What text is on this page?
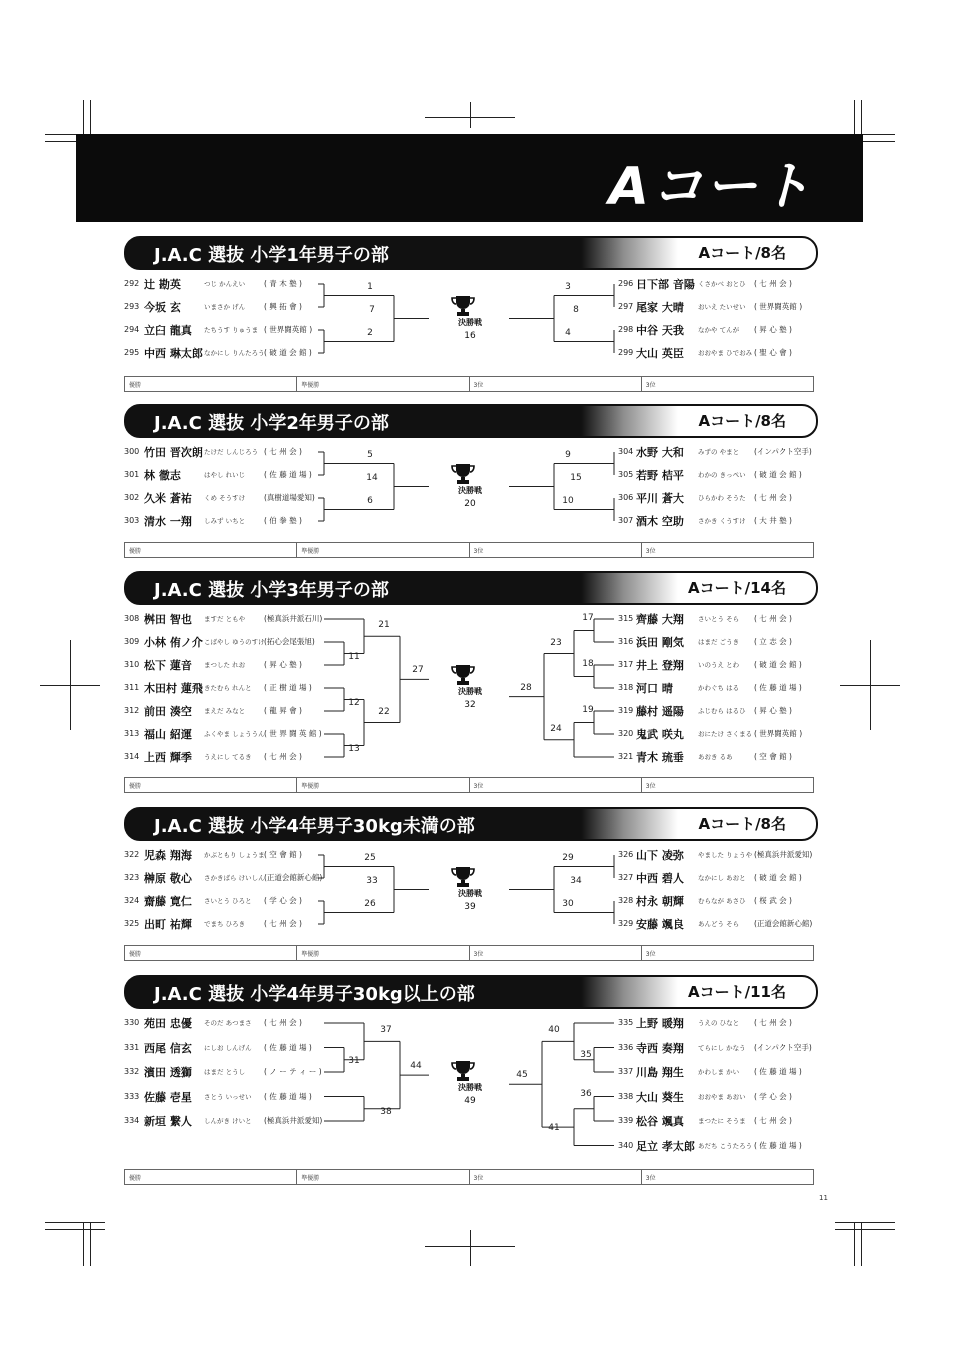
Aコート
J.A.C 選抜 小学1年男子の部	Aコート/8名
292 辻 勘英	つじ かんえい	( 青 木 塾 )
293 今坂 玄	いまさか げん	( 興 拓 會 )
294 立臼 龍真 たちうす りゅうま ( 世界闘英館 )
295 中西 琳太郎 なかにし りんたろう ( 破 道 会 館 )
296 日下部 音陽 くさかべ おとひ ( 七 州 会 )
297 尾家 大晴 おいえ たいせい ( 世界闘英館 )
298 中谷 天我 なかや てんが ( 昇 心 塾 )
299 大山 英臣 おおやま ひでおみ ( 聖 心 會 )
1	3
2	4
7	8
決勝戦
16
優勝	準優勝	3位	3位
J.A.C 選抜 小学2年男子の部	Aコート/8名
300 竹田 晋次朗 たけだ しんじろう ( 七 州 会 )
301 林 徹志	はやし れいじ	( 佐 藤 道 場 )
302 久米 蒼祐 くめ そうすけ	(真樹道場愛知)
303 清水 一翔 しみず いちと	( 伯 拳 塾 )
304 水野 大和 みずの やまと (インパクト空手)
305 若野 桔平 わかの きっぺい ( 破 道 会 館 )
306 平川 蒼大 ひらかわ そうた ( 七 州 会 )
307 酒木 空助 さかき くうすけ ( 大 井 塾 )
5	9
6	10
14	15
決勝戦
20
優勝	準優勝	3位	3位
J.A.C 選抜 小学3年男子の部	Aコート/14名
308 桝田 智也 ますだ ともや	(極真浜井派石川)
309 小林 侑ノ介 こばやし ゆうのすけ (拓心会尾張旭)
310 松下 蓮音 まつした れお	( 昇 心 塾 )
311 木田村 蓮飛 きたむら れんと ( 正 樹 道 場 )
312 前田 湊空 まえだ みなと	( 龍 昇 會 )
313 福山 紹運 ふくやま しょううん ( 世 界 闘 英 館 )
314 上西 輝季 うえにし てるき ( 七 州 会 )
315 齊藤 大翔 さいとう そら ( 七 州 会 )
316 浜田 剛気 はまだ ごうき ( 立 志 会 )
317 井上 登翔 いのうえ とわ ( 破 道 会 館 )
318 河口 晴	かわぐち はる ( 佐 藤 道 場 )
319 藤村 遥陽 ふじむら はるひ ( 昇 心 塾 )
320 鬼武 咲丸 おにたけ さくまる ( 世界闘英館 )
321 青木 琉垂 あおき るあ	( 空 會 館 )
11
12
13
21
22
27
17
18
19
23
24
28
決勝戦
32
優勝	準優勝	3位	3位
J.A.C 選抜 小学4年男子30kg未満の部	Aコート/8名
322 児森 翔海 かぶともり しょうま ( 空 會 館 )
323 榊原 敬心 さかきばら けいしん (正道会館新心館)
324 齋藤 寛仁 さいとう ひろと ( 学 心 会 )
325 出町 祐輝 でまち ひろき	( 七 州 会 )
326 山下 凌弥 やました りょうや (極真浜井派愛知)
327 中西 碧人 なかにし あおと ( 破 道 会 館 )
328 村永 朝輝 むらなが あさひ ( 桜 武 会 )
329 安藤 颯良 あんどう そら (正道会館新心館)
25	29
26	30
33	34
決勝戦
39
優勝	準優勝	3位	3位
J.A.C 選抜 小学4年男子30kg以上の部	Aコート/11名
330 苑田 忠優 そのだ あつまさ ( 七 州 会 )
331 西尾 信玄 にしお しんげん ( 佐 藤 道 場 )
332 濱田 透獅 はまだ とうし	( ノ ー テ ィ ー )
333 佐藤 壱星 さとう いっせい ( 佐 藤 道 場 )
334 新垣 繋人 しんがき けいと (極真浜井派愛知)
335 上野 暖翔 うえの ひなと ( 七 州 会 )
336 寺西 奏翔 てらにし かなう (インパクト空手)
337 川島 翔生 かわしま かい ( 佐 藤 道 場 )
338 大山 葵生 おおやま あおい ( 学 心 会 )
339 松谷 颯真 まつたに そうま ( 七 州 会 )
340 足立 孝太郎 あだち こうたろう ( 佐 藤 道 場 )
31
37
38
44
35
40
36
41
45
決勝戦
49
優勝	準優勝	3位	3位
11
